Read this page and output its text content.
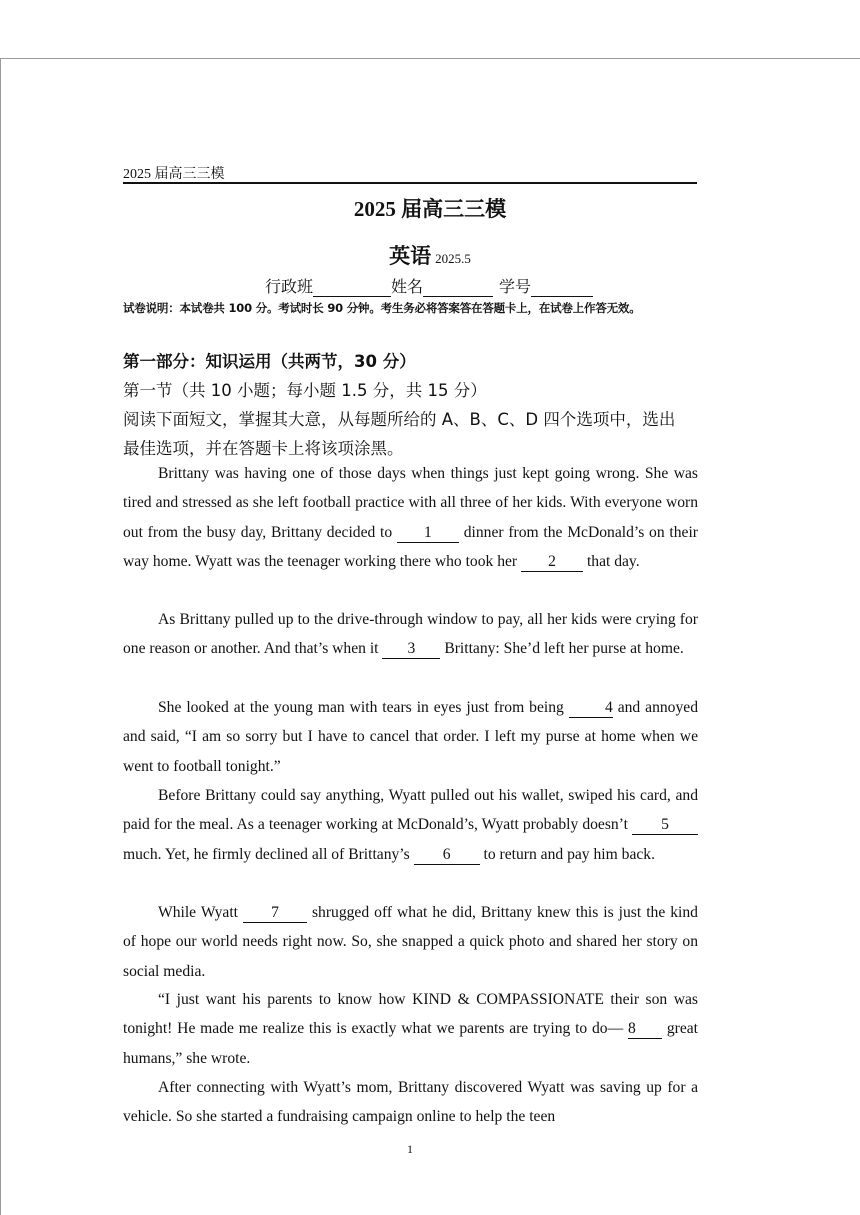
2025 届高三三模
2025 届高三三模
英语 2025.5
行政班	姓名	学号
试卷说明：本试卷共 100 分。考试时长 90 分钟。考生务必将答案答在答题卡上，在试卷上作答无效。
第一部分：知识运用（共两节，30 分）
第一节（共 10 小题；每小题 1.5 分，共 15 分）
阅读下面短文，掌握其大意，从每题所给的 A、B、C、D 四个选项中，选出
最佳选项，并在答题卡上将该项涂黑。
Brittany was having one of those days when things just kept going wrong. She was tired and stressed as she left football practice with all three of her kids. With everyone worn out from the busy day, Brittany decided to 1 dinner from the McDonald’s on their way home. Wyatt was the teenager working there who took her 2 that day.
As Brittany pulled up to the drive-through window to pay, all her kids were crying for one reason or another. And that’s when it 3 Brittany: She’d left her purse at home.
She looked at the young man with tears in eyes just from being	4 and annoyed and said, “I am so sorry but I have to cancel that order. I left my purse at home when we went to football tonight.”
Before Brittany could say anything, Wyatt pulled out his wallet, swiped his card, and paid for the meal. As a teenager working at McDonald’s, Wyatt probably doesn’t 5 much. Yet, he firmly declined all of Brittany’s 6 to return and pay him back.
While Wyatt 7 shrugged off what he did, Brittany knew this is just the kind of hope our world needs right now. So, she snapped a quick photo and shared her story on social media.
“I just want his parents to know how KIND & COMPASSIONATE their son was tonight! He made me realize this is exactly what we parents are trying to do— 8 great humans,” she wrote.
After connecting with Wyatt’s mom, Brittany discovered Wyatt was saving up for a vehicle. So she started a fundraising campaign online to help the teen
1
